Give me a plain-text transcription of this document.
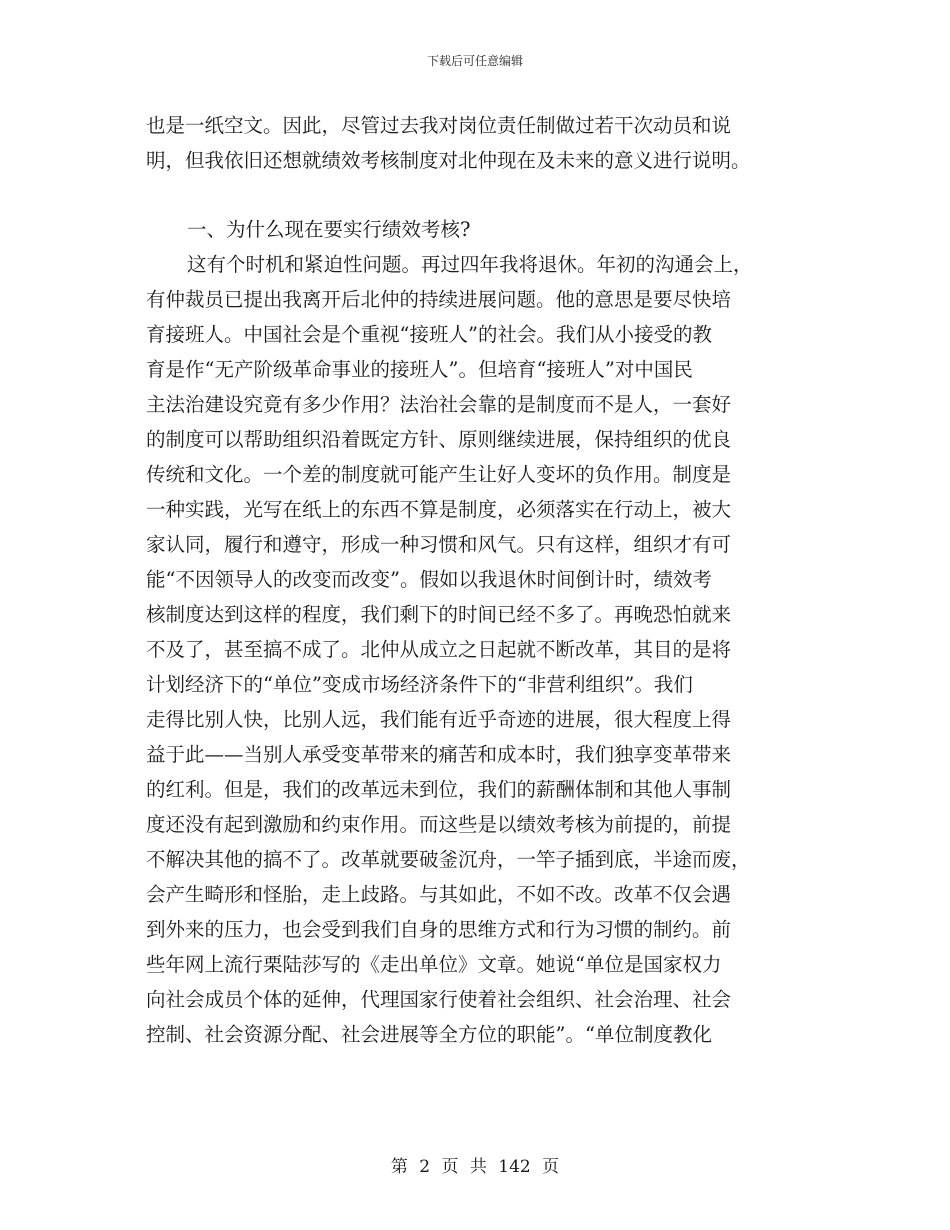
下载后可任意编辑
也是一纸空文。因此，尽管过去我对岗位责任制做过若干次动员和说
明，但我依旧还想就绩效考核制度对北仲现在及未来的意义进行说明。
一、为什么现在要实行绩效考核?
这有个时机和紧迫性问题。再过四年我将退休。年初的沟通会上，
有仲裁员已提出我离开后北仲的持续进展问题。他的意思是要尽快培
育接班人。中国社会是个重视“接班人”的社会。我们从小接受的教
育是作“无产阶级革命事业的接班人”。但培育“接班人”对中国民
主法治建设究竟有多少作用？法治社会靠的是制度而不是人，一套好
的制度可以帮助组织沿着既定方针、原则继续进展，保持组织的优良
传统和文化。一个差的制度就可能产生让好人变坏的负作用。制度是
一种实践，光写在纸上的东西不算是制度，必须落实在行动上，被大
家认同，履行和遵守，形成一种习惯和风气。只有这样，组织才有可
能“不因领导人的改变而改变”。假如以我退休时间倒计时，绩效考
核制度达到这样的程度，我们剩下的时间已经不多了。再晚恐怕就来
不及了，甚至搞不成了。北仲从成立之日起就不断改革，其目的是将
计划经济下的“单位”变成市场经济条件下的“非营利组织”。我们
走得比别人快，比别人远，我们能有近乎奇迹的进展，很大程度上得
益于此——当别人承受变革带来的痛苦和成本时，我们独享变革带来
的红利。但是，我们的改革远未到位，我们的薪酬体制和其他人事制
度还没有起到激励和约束作用。而这些是以绩效考核为前提的，前提
不解决其他的搞不了。改革就要破釜沉舟，一竿子插到底，半途而废，
会产生畸形和怪胎，走上歧路。与其如此，不如不改。改革不仅会遇
到外来的压力，也会受到我们自身的思维方式和行为习惯的制约。前
些年网上流行栗陆莎写的《走出单位》文章。她说“单位是国家权力
向社会成员个体的延伸，代理国家行使着社会组织、社会治理、社会
控制、社会资源分配、社会进展等全方位的职能”。“单位制度教化
第 2 页 共 142 页
